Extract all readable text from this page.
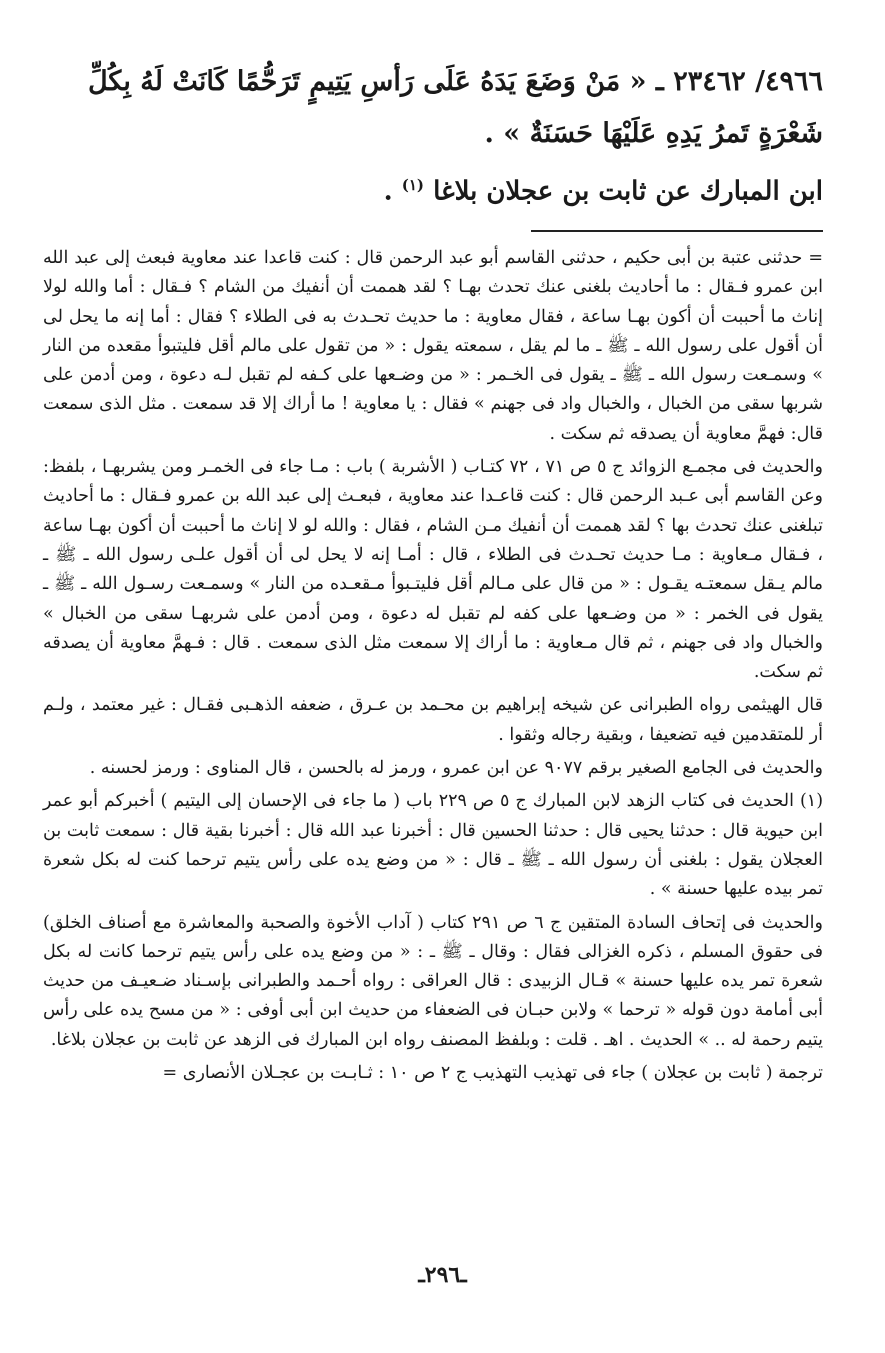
٤٩٦٦/ ٢٣٤٦٢ ـ « مَنْ وَضَعَ يَدَهُ عَلَى رَأسِ يَتِيمٍ تَرَحُّمًا كَانَتْ لَهُ بِكُلِّ شَعْرَةٍ تَمرُ يَدِهِ عَلَيْهَا حَسَنَةٌ » .

ابن المبارك عن ثابت بن عجلان بلاغا $^{(١)}$ .

= حدثنى عتبة بن أبى حكيم ، حدثنى القاسم أبو عبد الرحمن قال : كنت قاعدا عند معاوية فبعث إلى عبد الله ابن عمرو فـقال : ما أحاديث بلغنى عنك تحدث بهـا ؟ لقد هممت أن أنفيك من الشام ؟ فـقال : أما والله لولا إناث ما أحببت أن أكون بهـا ساعة ، فقال معاوية : ما حديث تحـدث به فى الطلاء ؟ فقال : أما إنه ما يحل لى أن أقول على رسول الله ـ ﷺ ـ ما لم يقل ، سمعته يقول : « من تقول على مالم أقل فليتبوأ مقعده من النار » وسمـعت رسول الله ـ ﷺ ـ يقول فى الخـمر : « من وضـعها على كـفه لم تقبل لـه دعوة ، ومن أدمن على شربها سقى من الخبال ، والخبال واد فى جهنم » فقال : يا معاوية ! ما أراك إلا قد سمعت . مثل الذى سمعت قال: فهمَّ معاوية أن يصدقه ثم سكت .

والحديث فى مجمـع الزوائد ج ٥ ص ٧١ ، ٧٢ كتـاب ( الأشربة ) باب : مـا جاء فى الخمـر ومن يشربهـا ، بلفظ: وعن القاسم أبى عـبد الرحمن قال : كنت قاعـدا عند معاوية ، فبعـث إلى عبد الله بن عمرو فـقال : ما أحاديث تبلغنى عنك تحدث بها ؟ لقد هممت أن أنفيك مـن الشام ، فقال : والله لو لا إناث ما أحببت أن أكون بهـا ساعة ، فـقال مـعاوية : مـا حديث تحـدث فى الطلاء ، قال : أمـا إنه لا يحل لى أن أقول علـى رسول الله ـ ﷺ ـ مالم يـقل سمعتـه يقـول : « من قال على مـالم أقل فليتـبوأ مـقعـده من النار » وسمـعت رسـول الله ـ ﷺ ـ يقول فى الخمر : « من وضـعها على كفه لم تقبل له دعوة ، ومن أدمن على شربهـا سقى من الخبال » والخبال واد فى جهنم ، ثم قال مـعاوية : ما أراك إلا سمعت مثل الذى سمعت . قال : فـهمَّ معاوية أن يصدقه ثم سكت.

قال الهيثمى رواه الطبرانى عن شيخه إبراهيم بن محـمد بن عـرق ، ضعفه الذهـبى فقـال : غير معتمد ، ولـم أر للمتقدمين فيه تضعيفا ، وبقية رجاله وثقوا .

والحديث فى الجامع الصغير برقم ٩٠٧٧ عن ابن عمرو ، ورمز له بالحسن ، قال المناوى : ورمز لحسنه .

(١) الحديث فى كتاب الزهد لابن المبارك ج ٥ ص ٢٢٩ باب ( ما جاء فى الإحسان إلى اليتيم ) أخبركم أبو عمر ابن حيوية قال : حدثنا يحيى قال : حدثنا الحسين قال : أخبرنا عبد الله قال : أخبرنا بقية قال : سمعت ثابت بن العجلان يقول : بلغنى أن رسول الله ـ ﷺ ـ قال : « من وضع يده على رأس يتيم ترحما كنت له بكل شعرة تمر بيده عليها حسنة » .

والحديث فى إتحاف السادة المتقين ج ٦ ص ٢٩١ كتاب ( آداب الأخوة والصحبة والمعاشرة مع أصناف الخلق) فى حقوق المسلم ، ذكره الغزالى فقال : وقال ـ ﷺ ـ : « من وضع يده على رأس يتيم ترحما كانت له بكل شعرة تمر يده عليها حسنة » قـال الزبيدى : قال العراقى : رواه أحـمد والطبرانى بإسـناد ضـعيـف من حديث أبى أمامة دون قوله « ترحما » ولابن حبـان فى الضعفاء من حديث ابن أبى أوفى : « من مسح يده على رأس يتيم رحمة له .. » الحديث . اهـ . قلت : وبلفظ المصنف رواه ابن المبارك فى الزهد عن ثابت بن عجلان بلاغا.

ترجمة ( ثابت بن عجلان ) جاء فى تهذيب التهذيب ج ٢ ص ١٠ : ثـابـت بن عجـلان الأنصارى =

ـ٢٩٦ـ
